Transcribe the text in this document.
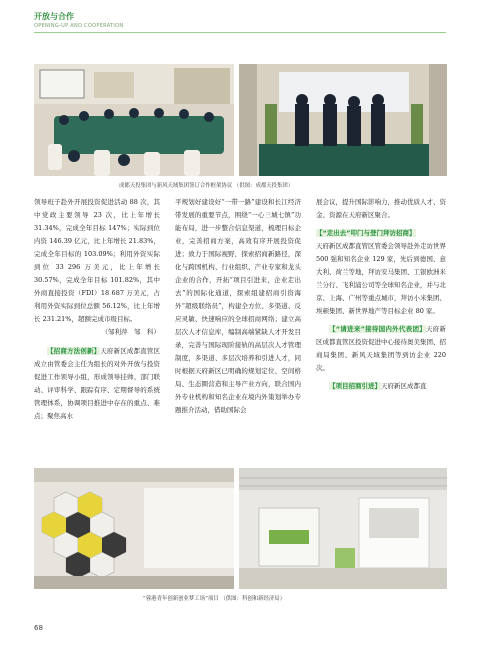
开放与合作
OPENING-UP AND COOPERATION
成都天投集团与新风天域集团签订合作框架协议 （供图：成都天投集团）

领导班子赴外开展投资促进活动 88 次，其中党政主要领导 23 次，比上年增长 31.34%，完成全年目标 147%；实际到位内资 146.39 亿元，比上年增长 21.83%，完成全年目标的 103.09%；利用外资实际到位 33 296 万美元，比上年增长 30.57%，完成全年目标 101.82%，其中外商直接投资（FDI）18 687 万美元，占利用外资实际到位总额 56.12%，比上年增长 231.21%，超额完成市级目标。

（邹利萍　邹　科）

【招商方法创新】天府新区成都直管区成立由管委会主任为组长的对外开放与投资促进工作领导小组，形成领导挂帅、部门联动、评审科学、跟踪有序、定期督导的系统管理体系，协调项目推进中存在的重点、难点；聚焦高水

平规划好建设好“一带一路”建设和长江经济带发展的重要节点，围绕“一心三城七镇”功能布局，进一步整合信息渠道，梳理目标企业，完善招商方案，高效有序开展投资促进；致力于国际视野，探索招商新路径，深化与跨国机构、行业组织、产业专家和龙头企业的合作，开拓“项目引进来，企业走出去”的国际化通道，探索组建招商引资海外“超级联络员”，构建全方位、多渠道、反应灵敏、快速响应的全球招商网络；建立高层次人才信息库，编制高端紧缺人才开发目录，完善与国际现阶接轨的高层次人才管理制度，多渠道、多层次培养和引进人才，同时根据天府新区已明确的规划定位、空间格局、生态圈营造和主导产业方向，联合国内外专业机构和知名企业在境内外策划举办专题推介活动，借助国际会

展会议，提升国际影响力，推动优质人才、资金、资源在天府新区聚合。

【“走出去”叩门与登门拜访招商】

天府新区成都直管区管委会领导赴外走访世界 500 强和知名企业 129 家，先后到德国、意大利、荷兰等地，拜访安马集团、工银欧洲米兰分行、飞利浦公司等全球知名企业，并与北京、上海、广州等重点城市，拜访小米集团、埃顿集团、新世界地产等目标企业 80 家。

【“请进来”接待国内外代表团】天府新区成都直管区投资促进中心接待奥美集团、招商局集团、新风天域集团等到访企业 220 次。

【项目招商引进】天府新区成都直

“蓉港青年创新创业梦工场”项目 （供图：科创和新经济局）
68
